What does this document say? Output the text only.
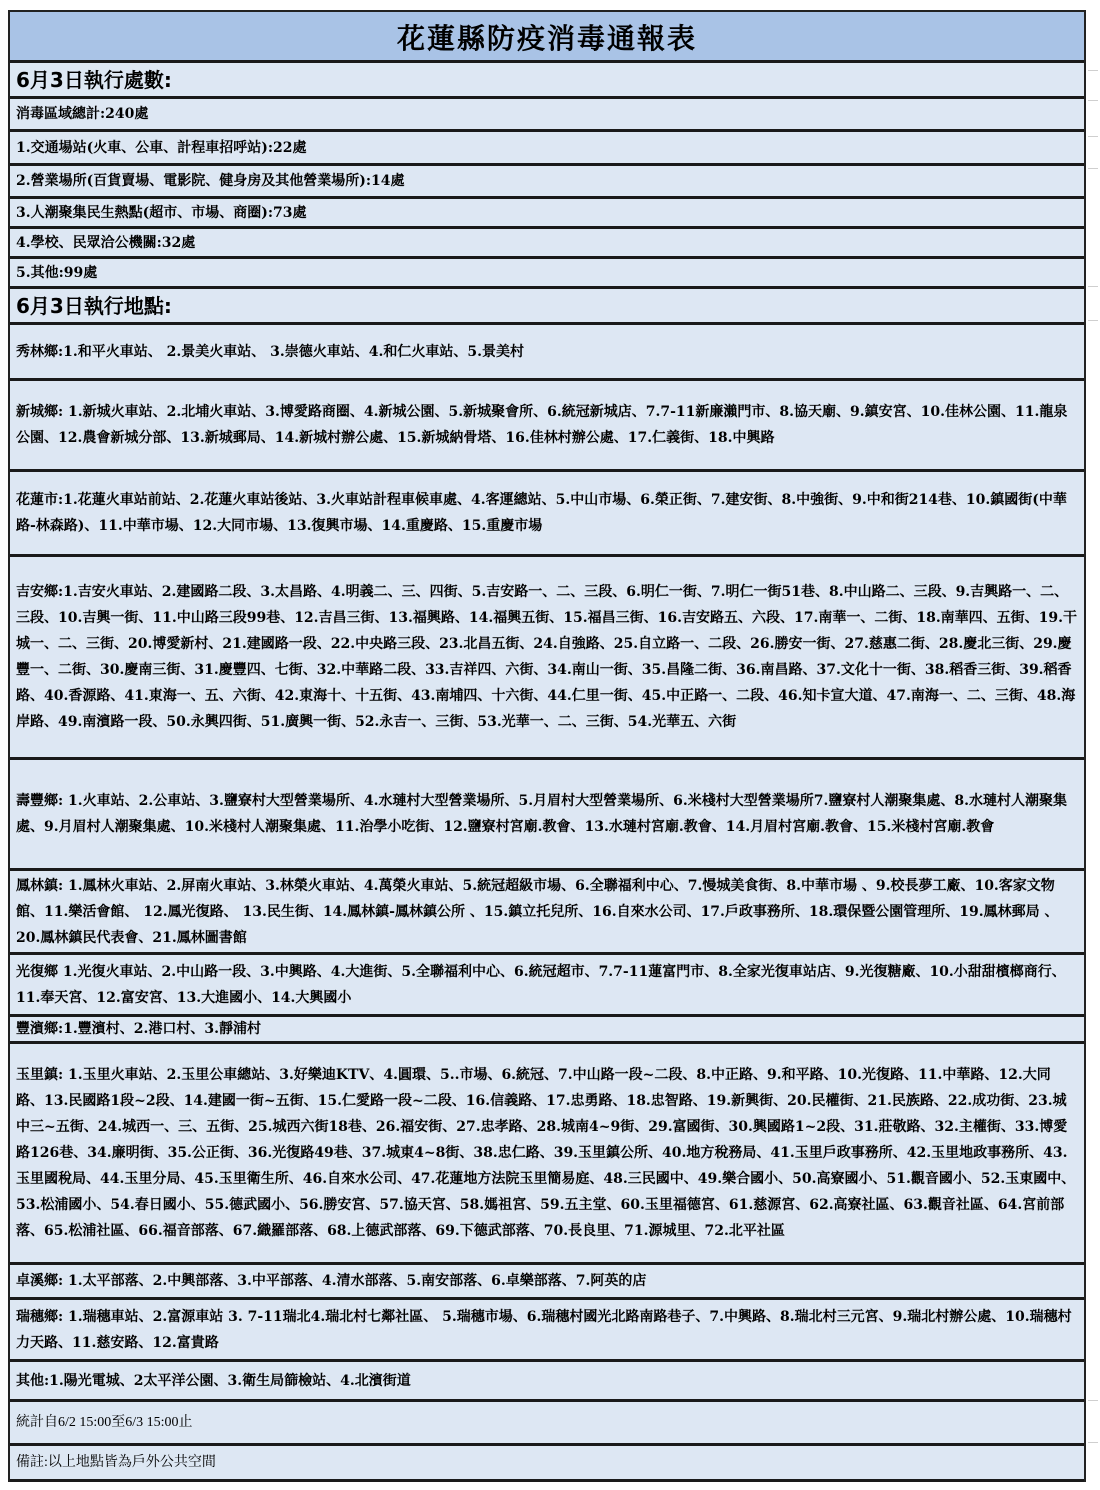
花蓮縣防疫消毒通報表
6月3日執行處數:
消毒區域總計:240處
1.交通場站(火車、公車、計程車招呼站):22處
2.營業場所(百貨賣場、電影院、健身房及其他營業場所):14處
3.人潮聚集民生熱點(超市、市場、商圈):73處
4.學校、民眾洽公機關:32處
5.其他:99處
6月3日執行地點:
秀林鄉:1.和平火車站、 2.景美火車站、 3.崇德火車站、4.和仁火車站、5.景美村
新城鄉: 1.新城火車站、2.北埔火車站、3.博愛路商圈、4.新城公園、5.新城聚會所、6.統冠新城店、7.7-11新廉瀨門市、8.協天廟、9.鎮安宮、10.佳林公園、11.龍泉公園、12.農會新城分部、13.新城郵局、14.新城村辦公處、15.新城納骨塔、16.佳林村辦公處、17.仁義街、18.中興路
花蓮市:1.花蓮火車站前站、2.花蓮火車站後站、3.火車站計程車候車處、4.客運總站、5.中山市場、6.榮正街、7.建安街、8.中強街、9.中和街214巷、10.鎮國街(中華路-林森路)、11.中華市場、12.大同市場、13.復興市場、14.重慶路、15.重慶市場
吉安鄉:1.吉安火車站、2.建國路二段、3.太昌路、4.明義二、三、四街、5.吉安路一、二、三段、6.明仁一街、7.明仁一街51巷、8.中山路二、三段、9.吉興路一、二、三段、10.吉興一街、11.中山路三段99巷、12.吉昌三街、13.福興路、14.福興五街、15.福昌三街、16.吉安路五、六段、17.南華一、二街、18.南華四、五街、19.干城一、二、三街、20.博愛新村、21.建國路一段、22.中央路三段、23.北昌五街、24.自強路、25.自立路一、二段、26.勝安一街、27.慈惠二街、28.慶北三街、29.慶豐一、二街、30.慶南三街、31.慶豐四、七街、32.中華路二段、33.吉祥四、六街、34.南山一街、35.昌隆二街、36.南昌路、37.文化十一街、38.稻香三街、39.稻香路、40.香源路、41.東海一、五、六街、42.東海十、十五街、43.南埔四、十六街、44.仁里一街、45.中正路一、二段、46.知卡宣大道、47.南海一、二、三街、48.海岸路、49.南濱路一段、50.永興四街、51.廣興一街、52.永吉一、三街、53.光華一、二、三街、54.光華五、六街
壽豐鄉: 1.火車站、2.公車站、3.鹽寮村大型營業場所、4.水璉村大型營業場所、5.月眉村大型營業場所、6.米棧村大型營業場所7.鹽寮村人潮聚集處、8.水璉村人潮聚集處、9.月眉村人潮聚集處、10.米棧村人潮聚集處、11.治學小吃街、12.鹽寮村宮廟.教會、13.水璉村宮廟.教會、14.月眉村宮廟.教會、15.米棧村宮廟.教會
鳳林鎮: 1.鳳林火車站、2.屏南火車站、3.林榮火車站、4.萬榮火車站、5.統冠超級市場、6.全聯福利中心、7.慢城美食街、8.中華市場 、9.校長夢工廠、10.客家文物館、11.樂活會館、 12.鳳光復路、 13.民生街、14.鳳林鎮-鳳林鎮公所 、15.鎮立托兒所、16.自來水公司、17.戶政事務所、18.環保暨公園管理所、19.鳳林郵局 、20.鳳林鎮民代表會、21.鳳林圖書館
光復鄉 1.光復火車站、2.中山路一段、3.中興路、4.大進街、5.全聯福利中心、6.統冠超市、7.7-11蓮富門市、8.全家光復車站店、9.光復糖廠、10.小甜甜檳榔商行、11.奉天宮、12.富安宮、13.大進國小、14.大興國小
豐濱鄉:1.豐濱村、2.港口村、3.靜浦村
玉里鎮: 1.玉里火車站、2.玉里公車總站、3.好樂迪KTV、4.圓環、5..市場、6.統冠、7.中山路一段~二段、8.中正路、9.和平路、10.光復路、11.中華路、12.大同路、13.民國路1段~2段、14.建國一街~五街、15.仁愛路一段~二段、16.信義路、17.忠勇路、18.忠智路、19.新興街、20.民權街、21.民族路、22.成功街、23.城中三~五街、24.城西一、三、五街、25.城西六街18巷、26.福安街、27.忠孝路、28.城南4~9街、29.富國街、30.興國路1~2段、31.莊敬路、32.主權街、33.博愛路126巷、34.廉明街、35.公正街、36.光復路49巷、37.城東4~8街、38.忠仁路、39.玉里鎮公所、40.地方稅務局、41.玉里戶政事務所、42.玉里地政事務所、43.玉里國稅局、44.玉里分局、45.玉里衛生所、46.自來水公司、47.花蓮地方法院玉里簡易庭、48.三民國中、49.樂合國小、50.高寮國小、51.觀音國小、52.玉東國中、53.松浦國小、54.春日國小、55.德武國小、56.勝安宮、57.協天宮、58.媽祖宮、59.五主堂、60.玉里福德宮、61.慈源宮、62.高寮社區、63.觀音社區、64.宮前部落、65.松浦社區、66.福音部落、67.織羅部落、68.上德武部落、69.下德武部落、70.長良里、71.源城里、72.北平社區
卓溪鄉: 1.太平部落、2.中興部落、3.中平部落、4.清水部落、5.南安部落、6.卓樂部落、7.阿英的店
瑞穗鄉: 1.瑞穗車站、2.富源車站 3. 7-11瑞北4.瑞北村七鄰社區、 5.瑞穗市場、6.瑞穗村國光北路南路巷子、7.中興路、8.瑞北村三元宮、9.瑞北村辦公處、10.瑞穗村力天路、11.慈安路、12.富貴路
其他:1.陽光電城、2太平洋公園、3.衛生局篩檢站、4.北濱街道
統計自6/2 15:00至6/3 15:00止
備註:以上地點皆為戶外公共空間
